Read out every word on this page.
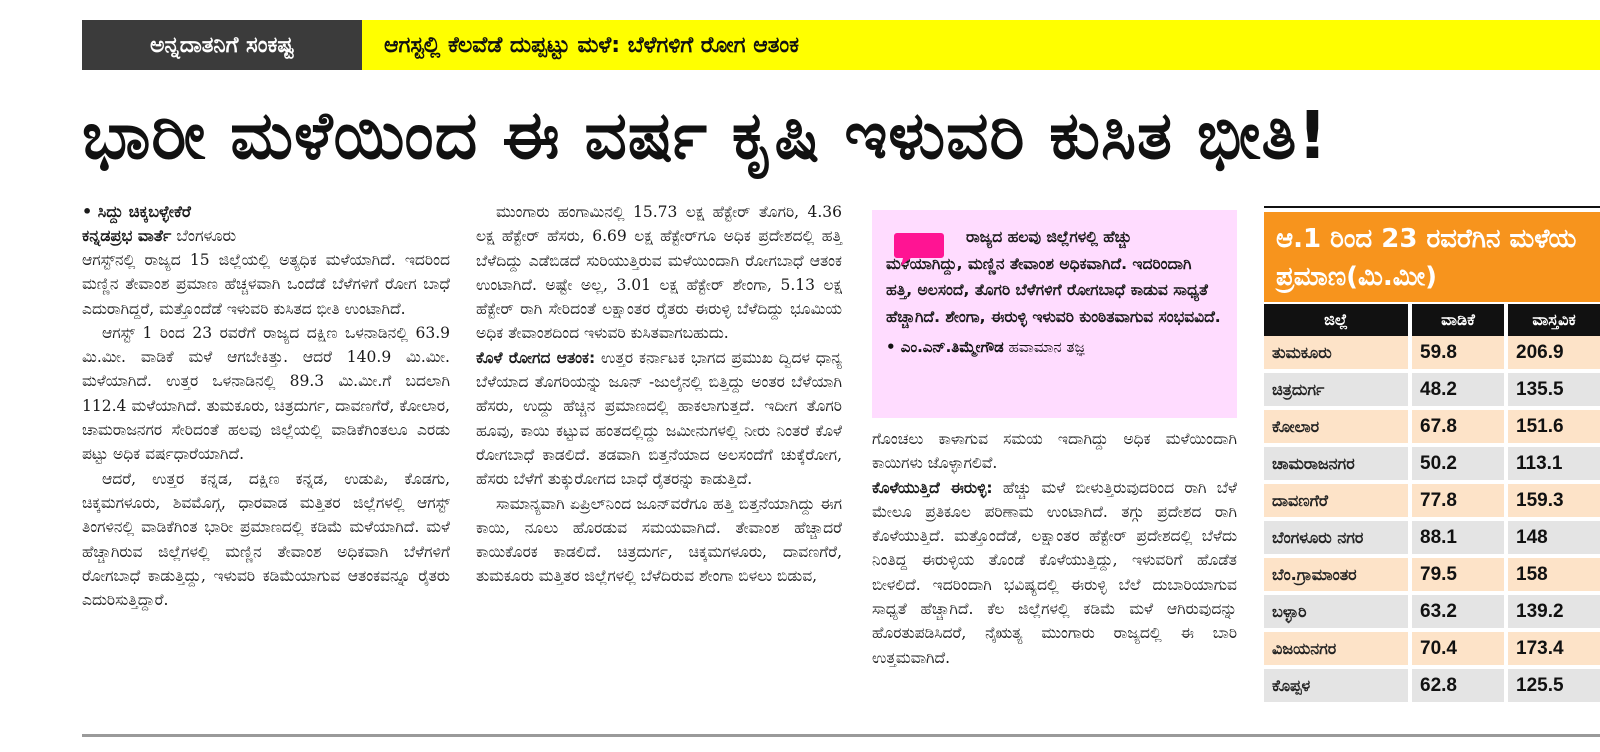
ಅನ್ನದಾತನಿಗೆ ಸಂಕಷ್ಟ	ಆಗಸ್ಟಲ್ಲಿ ಕೆಲವೆಡೆ ದುಪ್ಪಟ್ಟು ಮಳೆ: ಬೆಳೆಗಳಿಗೆ ರೋಗ ಆತಂಕ
ಭಾರೀ ಮಳೆಯಿಂದ ಈ ವರ್ಷ ಕೃಷಿ ಇಳುವರಿ ಕುಸಿತ ಭೀತಿ!
• ಸಿದ್ದು ಚಿಕ್ಕಬಳ್ಳೇಕೆರೆ
ಕನ್ನಡಪ್ರಭ ವಾರ್ತೆ ಬೆಂಗಳೂರು

ಆಗಸ್ಟ್‌ನಲ್ಲಿ ರಾಜ್ಯದ 15 ಜಿಲ್ಲೆಯಲ್ಲಿ ಅತ್ಯಧಿಕ ಮಳೆಯಾಗಿದೆ. ಇದರಿಂದ ಮಣ್ಣಿನ ತೇವಾಂಶ ಪ್ರಮಾಣ ಹೆಚ್ಚಳವಾಗಿ ಒಂದೆಡೆ ಬೆಳೆಗಳಿಗೆ ರೋಗ ಬಾಧೆ ಎದುರಾಗಿದ್ದರೆ, ಮತ್ತೊಂದೆಡೆ ಇಳುವರಿ ಕುಸಿತದ ಭೀತಿ ಉಂಟಾಗಿದೆ.

ಆಗಸ್ಟ್ 1 ರಿಂದ 23 ರವರೆಗೆ ರಾಜ್ಯದ ದಕ್ಷಿಣ ಒಳನಾಡಿನಲ್ಲಿ 63.9 ಮಿ.ಮೀ. ವಾಡಿಕೆ ಮಳೆ ಆಗಬೇಕಿತ್ತು. ಆದರೆ 140.9 ಮಿ.ಮೀ. ಮಳೆಯಾಗಿದೆ. ಉತ್ತರ ಒಳನಾಡಿನಲ್ಲಿ 89.3 ಮಿ.ಮೀ.ಗೆ ಬದಲಾಗಿ 112.4 ಮಳೆಯಾಗಿದೆ. ತುಮಕೂರು, ಚಿತ್ರದುರ್ಗ, ದಾವಣಗೆರೆ, ಕೋಲಾರ, ಚಾಮರಾಜನಗರ ಸೇರಿದಂತೆ ಹಲವು ಜಿಲ್ಲೆಯಲ್ಲಿ ವಾಡಿಕೆಗಿಂತಲೂ ಎರಡು ಪಟ್ಟು ಅಧಿಕ ವರ್ಷಧಾರೆಯಾಗಿದೆ.

ಆದರೆ, ಉತ್ತರ ಕನ್ನಡ, ದಕ್ಷಿಣ ಕನ್ನಡ, ಉಡುಪಿ, ಕೊಡಗು, ಚಿಕ್ಕಮಗಳೂರು, ಶಿವಮೊಗ್ಗ, ಧಾರವಾಡ ಮತ್ತಿತರ ಜಿಲ್ಲೆಗಳಲ್ಲಿ ಆಗಸ್ಟ್ ತಿಂಗಳಿನಲ್ಲಿ ವಾಡಿಕೆಗಿಂತ ಭಾರೀ ಪ್ರಮಾಣದಲ್ಲಿ ಕಡಿಮೆ ಮಳೆಯಾಗಿದೆ. ಮಳೆ ಹೆಚ್ಚಾಗಿರುವ ಜಿಲ್ಲೆಗಳಲ್ಲಿ ಮಣ್ಣಿನ ತೇವಾಂಶ ಅಧಿಕವಾಗಿ ಬೆಳೆಗಳಿಗೆ ರೋಗಬಾಧೆ ಕಾಡುತ್ತಿದ್ದು, ಇಳುವರಿ ಕಡಿಮೆಯಾಗುವ ಆತಂಕವನ್ನೂ ರೈತರು ಎದುರಿಸುತ್ತಿದ್ದಾರೆ.

ಮುಂಗಾರು ಹಂಗಾಮಿನಲ್ಲಿ 15.73 ಲಕ್ಷ ಹೆಕ್ಟೇರ್ ತೊಗರಿ, 4.36 ಲಕ್ಷ ಹೆಕ್ಟೇರ್ ಹೆಸರು, 6.69 ಲಕ್ಷ ಹೆಕ್ಟೇರ್‌ಗೂ ಅಧಿಕ ಪ್ರದೇಶದಲ್ಲಿ ಹತ್ತಿ ಬೆಳೆದಿದ್ದು ಎಡೆಬಿಡದೆ ಸುರಿಯುತ್ತಿರುವ ಮಳೆಯಿಂದಾಗಿ ರೋಗಬಾಧೆ ಆತಂಕ ಉಂಟಾಗಿದೆ. ಅಷ್ಟೇ ಅಲ್ಲ, 3.01 ಲಕ್ಷ ಹೆಕ್ಟೇರ್ ಶೇಂಗಾ, 5.13 ಲಕ್ಷ ಹೆಕ್ಟೇರ್ ರಾಗಿ ಸೇರಿದಂತೆ ಲಕ್ಷಾಂತರ ರೈತರು ಈರುಳ್ಳಿ ಬೆಳೆದಿದ್ದು ಭೂಮಿಯ ಅಧಿಕ ತೇವಾಂಶದಿಂದ ಇಳುವರಿ ಕುಸಿತವಾಗಬಹುದು.

ಕೊಳೆ ರೋಗದ ಆತಂಕ: ಉತ್ತರ ಕರ್ನಾಟಕ ಭಾಗದ ಪ್ರಮುಖ ದ್ವಿದಳ ಧಾನ್ಯ ಬೆಳೆಯಾದ ತೊಗರಿಯನ್ನು ಜೂನ್ -ಜುಲೈನಲ್ಲಿ ಬಿತ್ತಿದ್ದು ಅಂತರ ಬೆಳೆಯಾಗಿ ಹೆಸರು, ಉದ್ದು ಹೆಚ್ಚಿನ ಪ್ರಮಾಣದಲ್ಲಿ ಹಾಕಲಾಗುತ್ತದೆ. ಇದೀಗ ತೊಗರಿ ಹೂವು, ಕಾಯಿ ಕಟ್ಟುವ ಹಂತದಲ್ಲಿದ್ದು ಜಮೀನುಗಳಲ್ಲಿ ನೀರು ನಿಂತರೆ ಕೊಳೆ ರೋಗಬಾಧೆ ಕಾಡಲಿದೆ. ತಡವಾಗಿ ಬಿತ್ತನೆಯಾದ ಅಲಸಂದೆಗೆ ಚುಕ್ಕೆರೋಗ, ಹೆಸರು ಬೆಳೆಗೆ ತುಕ್ಕುರೋಗದ ಬಾಧೆ ರೈತರನ್ನು ಕಾಡುತ್ತಿದೆ.

ಸಾಮಾನ್ಯವಾಗಿ ಏಪ್ರಿಲ್‌ನಿಂದ ಜೂನ್‌ವರೆಗೂ ಹತ್ತಿ ಬಿತ್ತನೆಯಾಗಿದ್ದು ಈಗ ಕಾಯಿ, ನೂಲು ಹೊರಡುವ ಸಮಯವಾಗಿದೆ. ತೇವಾಂಶ ಹೆಚ್ಚಾದರೆ ಕಾಯಿಕೊರಕ ಕಾಡಲಿದೆ. ಚಿತ್ರದುರ್ಗ, ಚಿಕ್ಕಮಗಳೂರು, ದಾವಣಗೆರೆ, ತುಮಕೂರು ಮತ್ತಿತರ ಜಿಲ್ಲೆಗಳಲ್ಲಿ ಬೆಳೆದಿರುವ ಶೇಂಗಾ ಬಿಳಲು ಬಿಡುವ,

ರಾಜ್ಯದ ಹಲವು ಜಿಲ್ಲೆಗಳಲ್ಲಿ ಹೆಚ್ಚು
ಮಳೆಯಾಗಿದ್ದು, ಮಣ್ಣಿನ ತೇವಾಂಶ ಅಧಿಕವಾಗಿದೆ. ಇದರಿಂದಾಗಿ ಹತ್ತಿ, ಅಲಸಂದೆ, ತೊಗರಿ ಬೆಳೆಗಳಿಗೆ ರೋಗಬಾಧೆ ಕಾಡುವ ಸಾಧ್ಯತೆ ಹೆಚ್ಚಾಗಿದೆ. ಶೇಂಗಾ, ಈರುಳ್ಳಿ ಇಳುವರಿ ಕುಂಠಿತವಾಗುವ ಸಂಭವವಿದೆ.
• ಎಂ.ಎನ್.ತಿಮ್ಮೇಗೌಡ ಹವಾಮಾನ ತಜ್ಞ

ಗೊಂಚಲು ಕಾಳಾಗುವ ಸಮಯ ಇದಾಗಿದ್ದು ಅಧಿಕ ಮಳೆಯಿಂದಾಗಿ ಕಾಯಿಗಳು ಜೊಳ್ಳಾಗಲಿವೆ.

ಕೊಳೆಯುತ್ತಿದೆ ಈರುಳ್ಳಿ: ಹೆಚ್ಚು ಮಳೆ ಬೀಳುತ್ತಿರುವುದರಿಂದ ರಾಗಿ ಬೆಳೆ ಮೇಲೂ ಪ್ರತಿಕೂಲ ಪರಿಣಾಮ ಉಂಟಾಗಿದೆ. ತಗ್ಗು ಪ್ರದೇಶದ ರಾಗಿ ಕೊಳೆಯುತ್ತಿದೆ. ಮತ್ತೊಂದೆಡೆ, ಲಕ್ಷಾಂತರ ಹೆಕ್ಟೇರ್ ಪ್ರದೇಶದಲ್ಲಿ ಬೆಳೆದು ನಿಂತಿದ್ದ ಈರುಳ್ಳಿಯ ತೊಂಡೆ ಕೊಳೆಯುತ್ತಿದ್ದು, ಇಳುವರಿಗೆ ಹೊಡೆತ ಬೀಳಲಿದೆ. ಇದರಿಂದಾಗಿ ಭವಿಷ್ಯದಲ್ಲಿ ಈರುಳ್ಳಿ ಬೆಲೆ ದುಬಾರಿಯಾಗುವ ಸಾಧ್ಯತೆ ಹೆಚ್ಚಾಗಿದೆ. ಕೆಲ ಜಿಲ್ಲೆಗಳಲ್ಲಿ ಕಡಿಮೆ ಮಳೆ ಆಗಿರುವುದನ್ನು ಹೊರತುಪಡಿಸಿದರೆ, ನೈಋತ್ಯ ಮುಂಗಾರು ರಾಜ್ಯದಲ್ಲಿ ಈ ಬಾರಿ ಉತ್ತಮವಾಗಿದೆ.

ಆ.1 ರಿಂದ 23 ರವರೆಗಿನ ಮಳೆಯ ಪ್ರಮಾಣ(ಮಿ.ಮೀ)
ಜಿಲ್ಲೆ	ವಾಡಿಕೆ	ವಾಸ್ತವಿಕ
ತುಮಕೂರು	59.8	206.9
ಚಿತ್ರದುರ್ಗ	48.2	135.5
ಕೋಲಾರ	67.8	151.6
ಚಾಮರಾಜನಗರ	50.2	113.1
ದಾವಣಗೆರೆ	77.8	159.3
ಬೆಂಗಳೂರು ನಗರ	88.1	148
ಬೆಂ.ಗ್ರಾಮಾಂತರ	79.5	158
ಬಳ್ಳಾರಿ	63.2	139.2
ವಿಜಯನಗರ	70.4	173.4
ಕೊಪ್ಪಳ	62.8	125.5
